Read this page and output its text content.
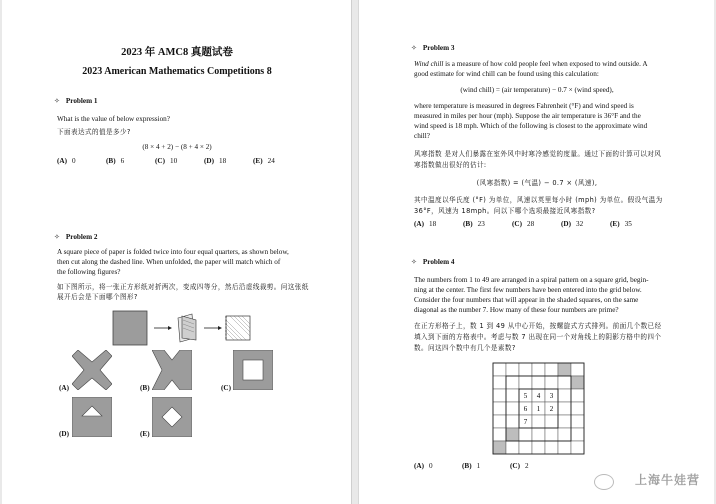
2023 年 AMC8 真题试卷
2023 American Mathematics Competitions 8
✧ Problem 1
What is the value of below expression?
下面表达式的值是多少?
(8 × 4 + 2) − (8 + 4 × 2)
(A) 0	(B) 6	(C) 10	(D) 18	(E) 24
✧ Problem 2
A square piece of paper is folded twice into four equal quarters, as shown below,
then cut along the dashed line. When unfolded, the paper will match which of
the following figures?
如下图所示，将一张正方形纸对折两次，变成四等分，然后沿虚线裁剪。问这张纸
展开后会是下面哪个图形?
(A)	(B)	(C)
(D)	(E)
✧ Problem 3
Wind chill is a measure of how cold people feel when exposed to wind outside. A
good estimate for wind chill can be found using this calculation:
(wind chill) = (air temperature) − 0.7 × (wind speed),
where temperature is measured in degrees Fahrenheit (°F) and wind speed is
measured in miles per hour (mph). Suppose the air temperature is 36°F and the
wind speed is 18 mph. Which of the following is closest to the approximate wind
chill?
风寒指数 是对人们暴露在室外风中时寒冷感觉的度量。通过下面的计算可以对风
寒指数做出很好的估计:
(风寒指数) = (气温) − 0.7 × (风速),
其中温度以华氏度 (°F) 为单位，风速以英里每小时 (mph) 为单位。假设气温为
36°F，风速为 18mph。问以下哪个选项最接近风寒指数?
(A) 18	(B) 23	(C) 28	(D) 32	(E) 35
✧ Problem 4
The numbers from 1 to 49 are arranged in a spiral pattern on a square grid, begin-
ning at the center. The first few numbers have been entered into the grid below.
Consider the four numbers that will appear in the shaded squares, on the same
diagonal as the number 7. How many of these four numbers are prime?
在正方形格子上，数 1 到 49 从中心开始，按螺旋式方式排列。前面几个数已经
填入到下面的方格表中。考虑与数 7 出现在同一个对角线上的阴影方格中的四个
数。问这四个数中有几个是素数?
5 4 3
6 1 2
7
(A) 0	(B) 1	(C) 2
上海牛娃营
